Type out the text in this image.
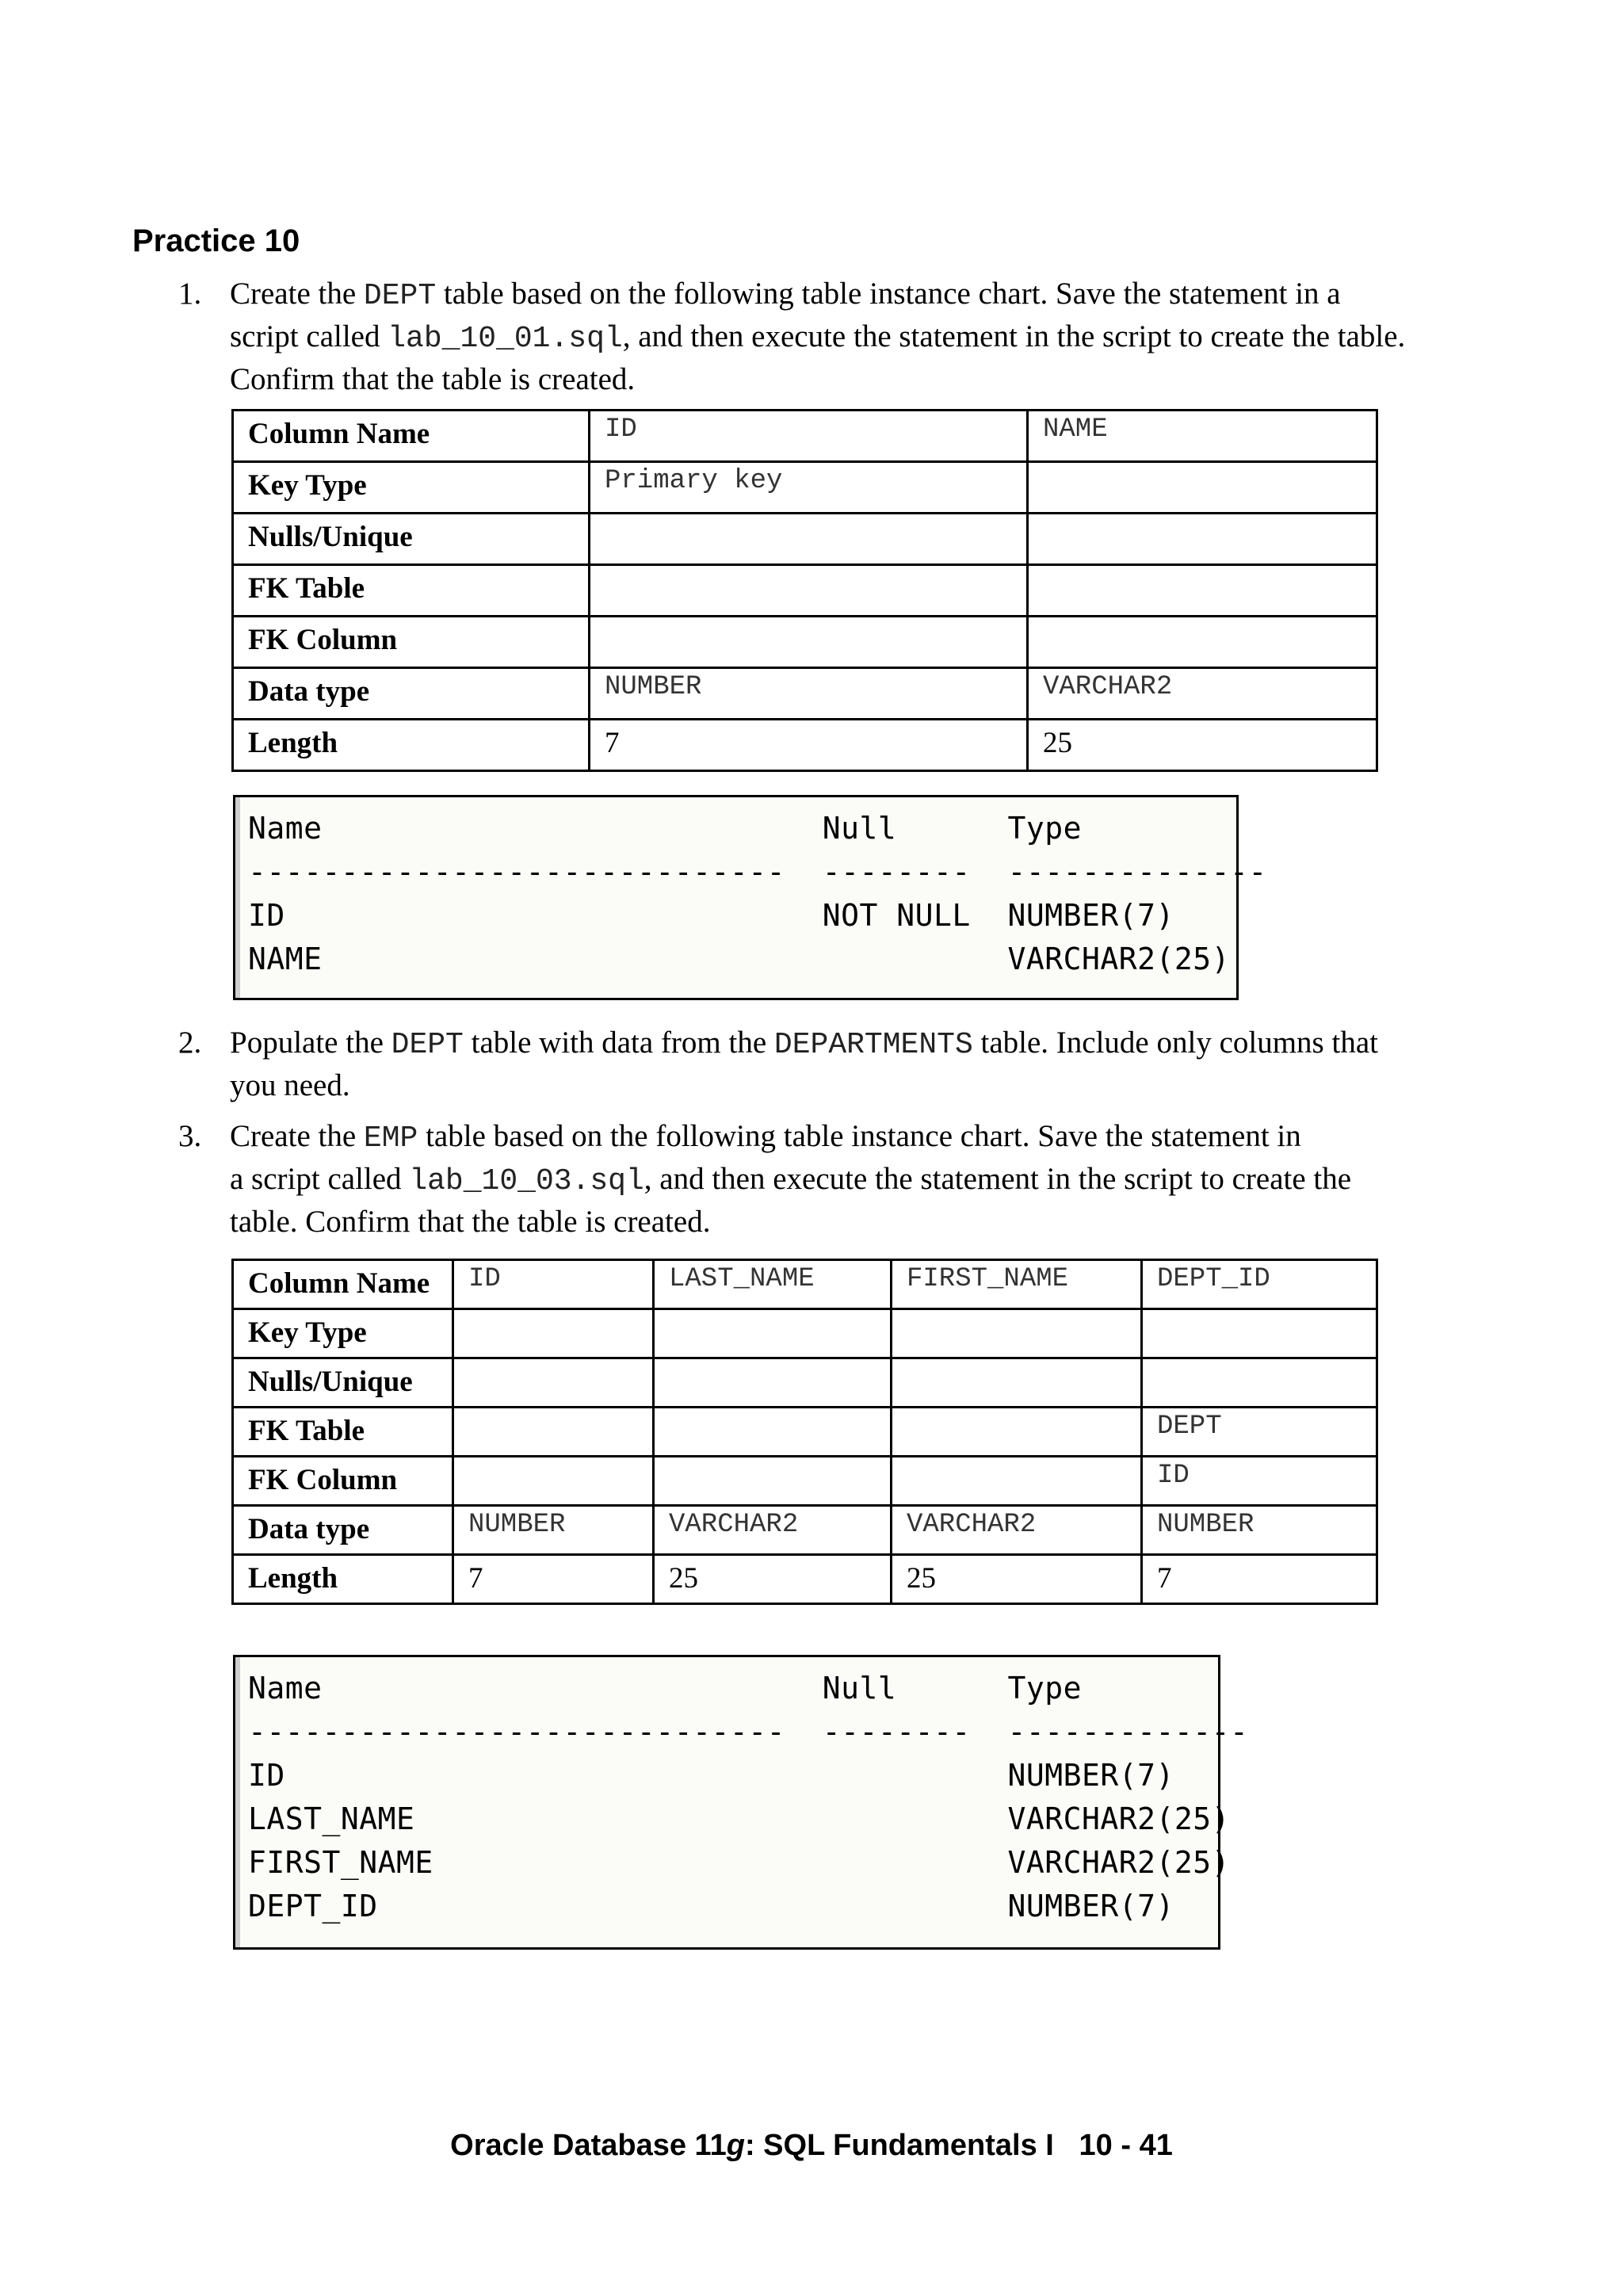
Practice 10
1. Create the DEPT table based on the following table instance chart. Save the statement in a
script called lab_10_01.sql, and then execute the statement in the script to create the table.
Confirm that the table is created.
Column Name	ID	NAME
Key Type	Primary key	
Nulls/Unique		
FK Table		
FK Column		
Data type	NUMBER	VARCHAR2
Length	7	25
Name                           Null      Type
-----------------------------  --------  --------------
ID                             NOT NULL  NUMBER(7)
NAME                                     VARCHAR2(25)
2. Populate the DEPT table with data from the DEPARTMENTS table. Include only columns that
you need.
3. Create the EMP table based on the following table instance chart. Save the statement in
a script called lab_10_03.sql, and then execute the statement in the script to create the
table. Confirm that the table is created.
Column Name	ID	LAST_NAME	FIRST_NAME	DEPT_ID
Key Type				
Nulls/Unique				
FK Table				DEPT
FK Column				ID
Data type	NUMBER	VARCHAR2	VARCHAR2	NUMBER
Length	7	25	25	7
Name                           Null      Type
-----------------------------  --------  -------------
ID                                       NUMBER(7)
LAST_NAME                                VARCHAR2(25)
FIRST_NAME                               VARCHAR2(25)
DEPT_ID                                  NUMBER(7)
Oracle Database 11g: SQL Fundamentals I   10 - 41
